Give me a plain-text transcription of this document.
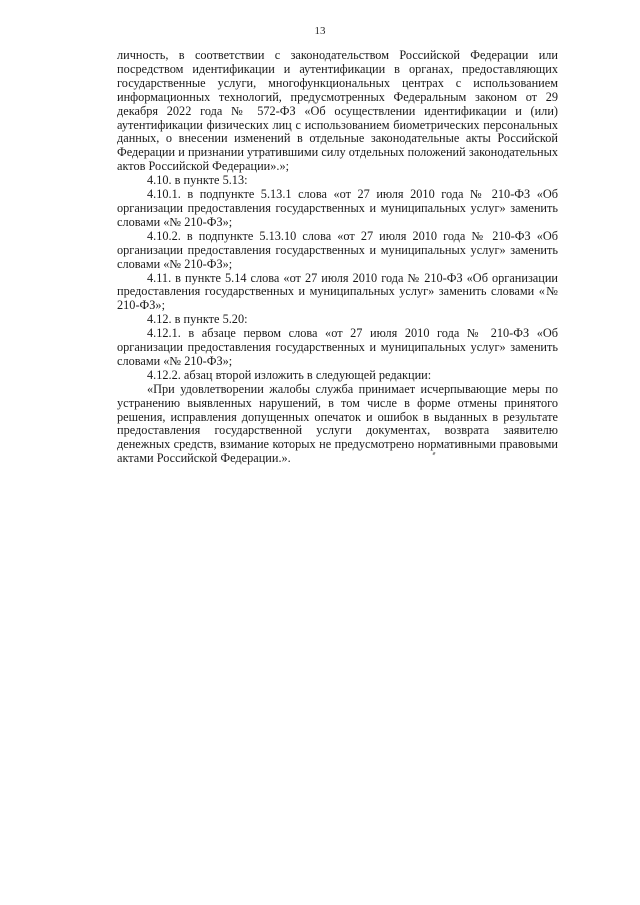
13

личность, в соответствии с законодательством Российской Федерации или посредством идентификации и аутентификации в органах, предоставляющих государственные услуги, многофункциональных центрах с использованием информационных технологий, предусмотренных Федеральным законом от 29 декабря 2022 года № 572-ФЗ «Об осуществлении идентификации и (или) аутентификации физических лиц с использованием биометрических персональных данных, о внесении изменений в отдельные законодательные акты Российской Федерации и признании утратившими силу отдельных положений законодательных актов Российской Федерации».»;

4.10. в пункте 5.13:

4.10.1. в подпункте 5.13.1 слова «от 27 июля 2010 года № 210-ФЗ «Об организации предоставления государственных и муниципальных услуг» заменить словами «№ 210-ФЗ»;

4.10.2. в подпункте 5.13.10 слова «от 27 июля 2010 года № 210-ФЗ «Об организации предоставления государственных и муниципальных услуг» заменить словами «№ 210-ФЗ»;

4.11. в пункте 5.14 слова «от 27 июля 2010 года № 210-ФЗ «Об организации предоставления государственных и муниципальных услуг» заменить словами «№ 210-ФЗ»;

4.12. в пункте 5.20:

4.12.1. в абзаце первом слова «от 27 июля 2010 года № 210-ФЗ «Об организации предоставления государственных и муниципальных услуг» заменить словами «№ 210-ФЗ»;

4.12.2. абзац второй изложить в следующей редакции:

«При удовлетворении жалобы служба принимает исчерпывающие меры по устранению выявленных нарушений, в том числе в форме отмены принятого решения, исправления допущенных опечаток и ошибок в выданных в результате предоставления государственной услуги документах, возврата заявителю денежных средств, взимание которых не предусмотрено нормативными правовыми актами Российской Федерации.».
